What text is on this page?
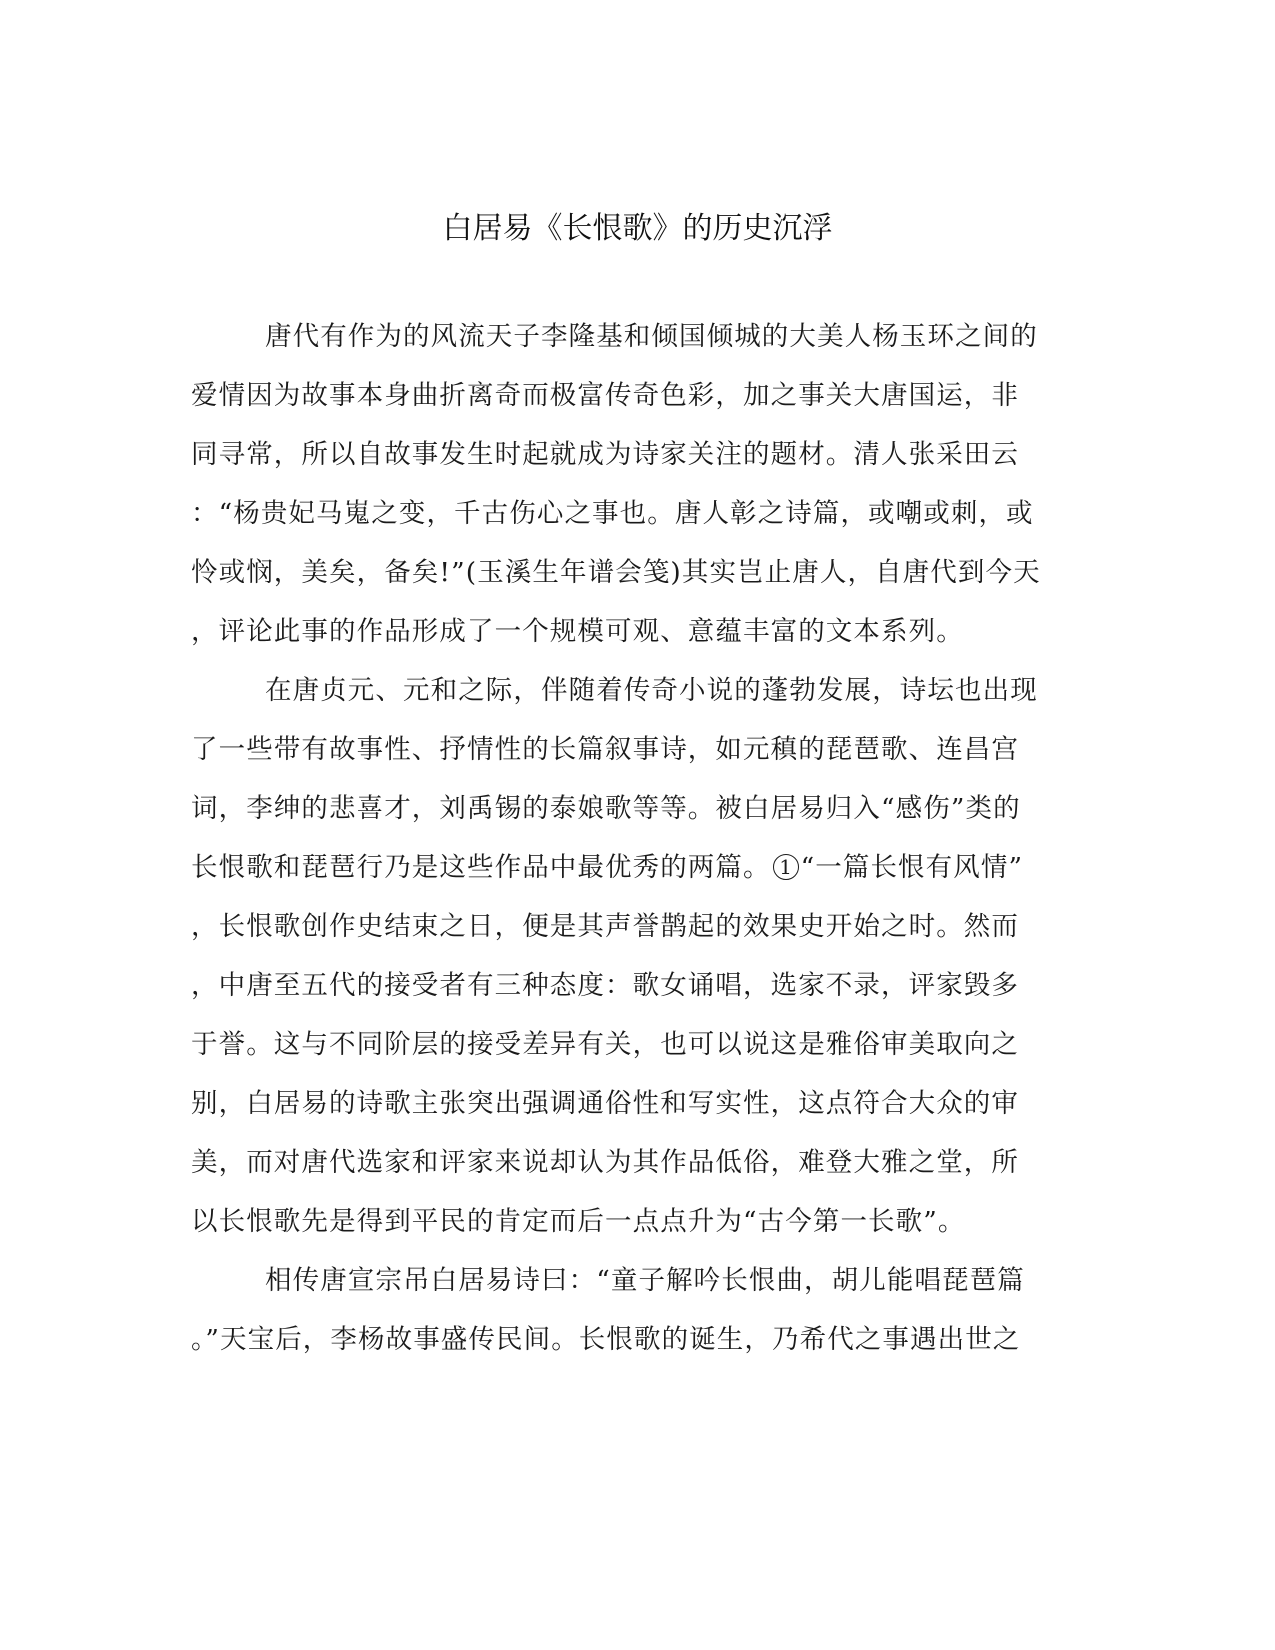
白居易《长恨歌》的历史沉浮
唐代有作为的风流天子李隆基和倾国倾城的大美人杨玉环之间的
爱情因为故事本身曲折离奇而极富传奇色彩，加之事关大唐国运，非
同寻常，所以自故事发生时起就成为诗家关注的题材。清人张采田云
：“杨贵妃马嵬之变，千古伤心之事也。唐人彰之诗篇，或嘲或刺，或
怜或悯，美矣，备矣!”(玉溪生年谱会笺)其实岂止唐人，自唐代到今天
，评论此事的作品形成了一个规模可观、意蕴丰富的文本系列。
在唐贞元、元和之际，伴随着传奇小说的蓬勃发展，诗坛也出现
了一些带有故事性、抒情性的长篇叙事诗，如元稹的琵琶歌、连昌宫
词，李绅的悲喜才，刘禹锡的泰娘歌等等。被白居易归入“感伤”类的
长恨歌和琵琶行乃是这些作品中最优秀的两篇。 1 “一篇长恨有风情”
，长恨歌创作史结束之日，便是其声誉鹊起的效果史开始之时。然而
，中唐至五代的接受者有三种态度：歌女诵唱，选家不录，评家毁多
于誉。这与不同阶层的接受差异有关，也可以说这是雅俗审美取向之
别，白居易的诗歌主张突出强调通俗性和写实性，这点符合大众的审
美，而对唐代选家和评家来说却认为其作品低俗，难登大雅之堂，所
以长恨歌先是得到平民的肯定而后一点点升为“古今第一长歌”。
相传唐宣宗吊白居易诗曰：“童子解吟长恨曲，胡儿能唱琵琶篇
。”天宝后，李杨故事盛传民间。长恨歌的诞生，乃希代之事遇出世之
